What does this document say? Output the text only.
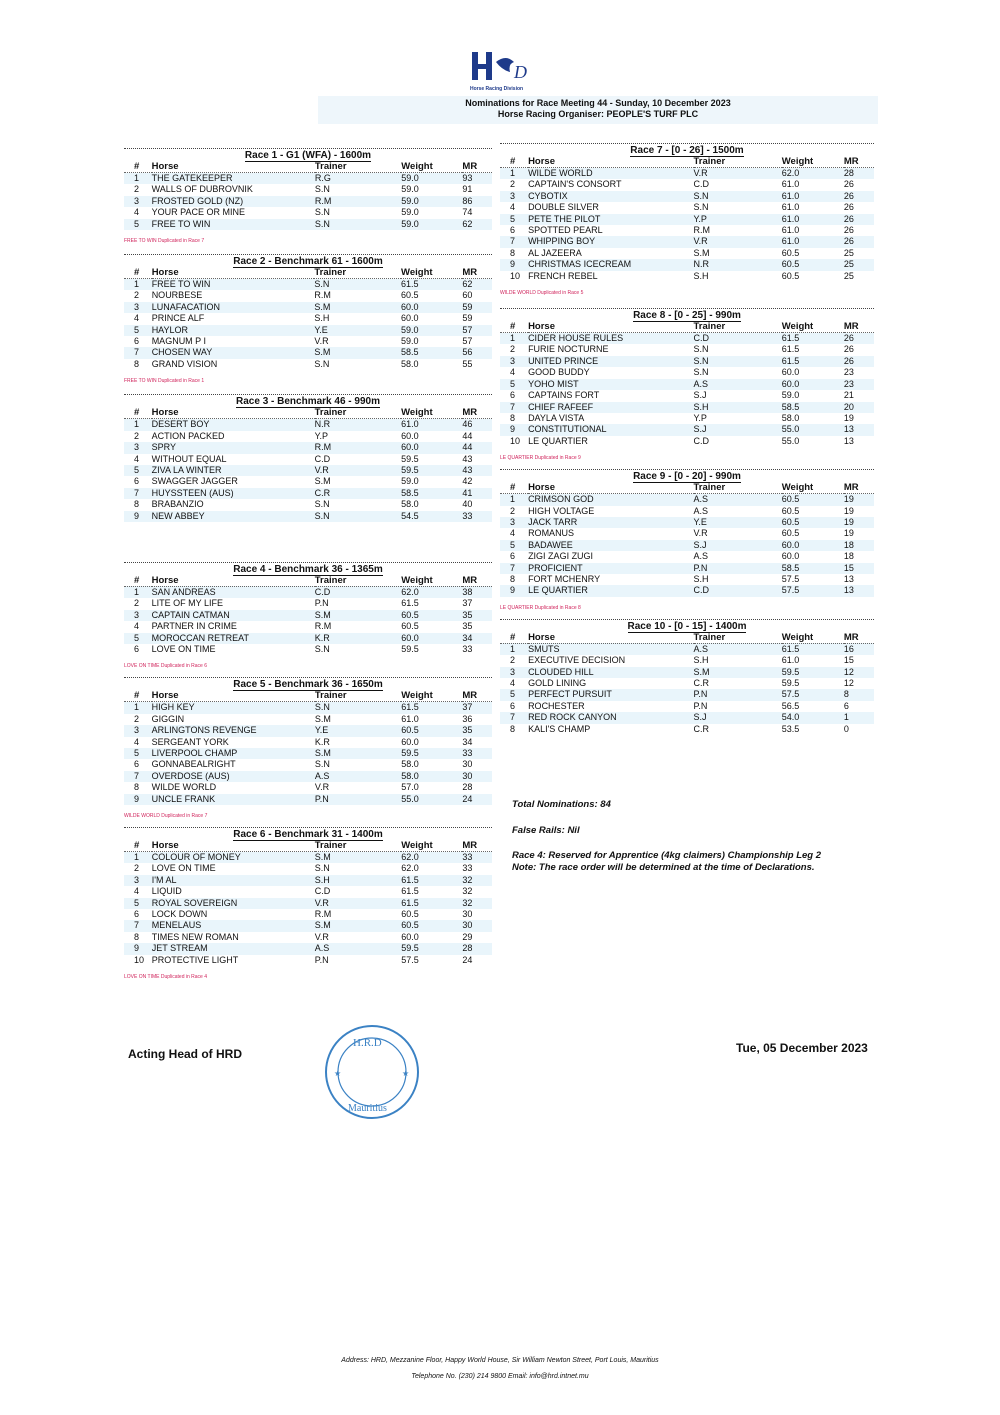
D
Horse Racing Division
Nominations for Race Meeting 44 - Sunday, 10 December 2023
Horse Racing Organiser: PEOPLE'S TURF PLC
Race 1 - G1 (WFA) - 1600m
#	Horse	Trainer	Weight	MR
1	THE GATEKEEPER	R.G	59.0	93
2	WALLS OF DUBROVNIK	S.N	59.0	91
3	FROSTED GOLD (NZ)	R.M	59.0	86
4	YOUR PACE OR MINE	S.N	59.0	74
5	FREE TO WIN	S.N	59.0	62
FREE TO WIN Duplicated in Race 7
Race 2 - Benchmark 61 - 1600m
#	Horse	Trainer	Weight	MR
1	FREE TO WIN	S.N	61.5	62
2	NOURBESE	R.M	60.5	60
3	LUNAFACATION	S.M	60.0	59
4	PRINCE ALF	S.H	60.0	59
5	HAYLOR	Y.E	59.0	57
6	MAGNUM P I	V.R	59.0	57
7	CHOSEN WAY	S.M	58.5	56
8	GRAND VISION	S.N	58.0	55
FREE TO WIN Duplicated in Race 1
Race 3 - Benchmark 46 - 990m
#	Horse	Trainer	Weight	MR
1	DESERT BOY	N.R	61.0	46
2	ACTION PACKED	Y.P	60.0	44
3	SPRY	R.M	60.0	44
4	WITHOUT EQUAL	C.D	59.5	43
5	ZIVA LA WINTER	V.R	59.5	43
6	SWAGGER JAGGER	S.M	59.0	42
7	HUYSSTEEN (AUS)	C.R	58.5	41
8	BRABANZIO	S.N	58.0	40
9	NEW ABBEY	S.N	54.5	33
Race 4 - Benchmark 36 - 1365m
#	Horse	Trainer	Weight	MR
1	SAN ANDREAS	C.D	62.0	38
2	LITE OF MY LIFE	P.N	61.5	37
3	CAPTAIN CATMAN	S.M	60.5	35
4	PARTNER IN CRIME	R.M	60.5	35
5	MOROCCAN RETREAT	K.R	60.0	34
6	LOVE ON TIME	S.N	59.5	33
LOVE ON TIME Duplicated in Race 6
Race 5 - Benchmark 36 - 1650m
#	Horse	Trainer	Weight	MR
1	HIGH KEY	S.N	61.5	37
2	GIGGIN	S.M	61.0	36
3	ARLINGTONS REVENGE	Y.E	60.5	35
4	SERGEANT YORK	K.R	60.0	34
5	LIVERPOOL CHAMP	S.M	59.5	33
6	GONNABEALRIGHT	S.N	58.0	30
7	OVERDOSE (AUS)	A.S	58.0	30
8	WILDE WORLD	V.R	57.0	28
9	UNCLE FRANK	P.N	55.0	24
WILDE WORLD Duplicated in Race 7
Race 6 - Benchmark 31 - 1400m
#	Horse	Trainer	Weight	MR
1	COLOUR OF MONEY	S.M	62.0	33
2	LOVE ON TIME	S.N	62.0	33
3	I'M AL	S.H	61.5	32
4	LIQUID	C.D	61.5	32
5	ROYAL SOVEREIGN	V.R	61.5	32
6	LOCK DOWN	R.M	60.5	30
7	MENELAUS	S.M	60.5	30
8	TIMES NEW ROMAN	V.R	60.0	29
9	JET STREAM	A.S	59.5	28
10	PROTECTIVE LIGHT	P.N	57.5	24
LOVE ON TIME Duplicated in Race 4
Race 7 - [0 - 26] - 1500m
#	Horse	Trainer	Weight	MR
1	WILDE WORLD	V.R	62.0	28
2	CAPTAIN'S CONSORT	C.D	61.0	26
3	CYBOTIX	S.N	61.0	26
4	DOUBLE SILVER	S.N	61.0	26
5	PETE THE PILOT	Y.P	61.0	26
6	SPOTTED PEARL	R.M	61.0	26
7	WHIPPING BOY	V.R	61.0	26
8	AL JAZEERA	S.M	60.5	25
9	CHRISTMAS ICECREAM	N.R	60.5	25
10	FRENCH REBEL	S.H	60.5	25
WILDE WORLD Duplicated in Race 5
Race 8 - [0 - 25] - 990m
#	Horse	Trainer	Weight	MR
1	CIDER HOUSE RULES	C.D	61.5	26
2	FURIE NOCTURNE	S.N	61.5	26
3	UNITED PRINCE	S.N	61.5	26
4	GOOD BUDDY	S.N	60.0	23
5	YOHO MIST	A.S	60.0	23
6	CAPTAINS FORT	S.J	59.0	21
7	CHIEF RAFEEF	S.H	58.5	20
8	DAYLA VISTA	Y.P	58.0	19
9	CONSTITUTIONAL	S.J	55.0	13
10	LE QUARTIER	C.D	55.0	13
LE QUARTIER Duplicated in Race 9
Race 9 - [0 - 20] - 990m
#	Horse	Trainer	Weight	MR
1	CRIMSON GOD	A.S	60.5	19
2	HIGH VOLTAGE	A.S	60.5	19
3	JACK TARR	Y.E	60.5	19
4	ROMANUS	V.R	60.5	19
5	BADAWEE	S.J	60.0	18
6	ZIGI ZAGI ZUGI	A.S	60.0	18
7	PROFICIENT	P.N	58.5	15
8	FORT MCHENRY	S.H	57.5	13
9	LE QUARTIER	C.D	57.5	13
LE QUARTIER Duplicated in Race 8
Race 10 - [0 - 15] - 1400m
#	Horse	Trainer	Weight	MR
1	SMUTS	A.S	61.5	16
2	EXECUTIVE DECISION	S.H	61.0	15
3	CLOUDED HILL	S.M	59.5	12
4	GOLD LINING	C.R	59.5	12
5	PERFECT PURSUIT	P.N	57.5	8
6	ROCHESTER	P.N	56.5	6
7	RED ROCK CANYON	S.J	54.0	1
8	KALI'S CHAMP	C.R	53.5	0
Total Nominations: 84
False Rails: Nil
Race 4: Reserved for Apprentice (4kg claimers) Championship Leg 2
Note: The race order will be determined at the time of Declarations.
Acting Head of HRD
H.R.D
Mauritius
★	★
Tue, 05 December 2023
Address: HRD, Mezzanine Floor, Happy World House, Sir William Newton Street, Port Louis, Mauritius
Telephone No. (230) 214 9800 Email: info@hrd.intnet.mu
